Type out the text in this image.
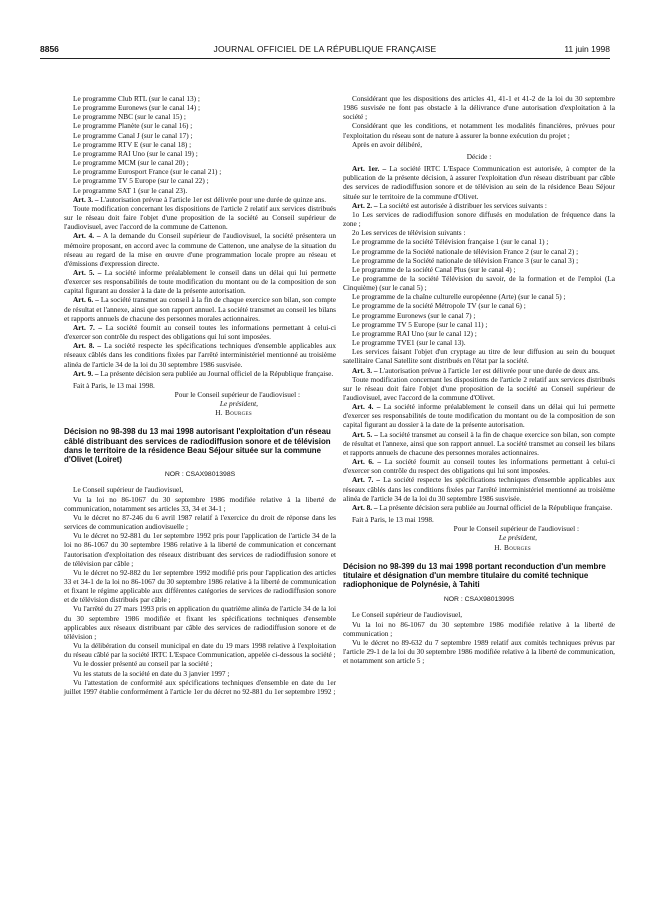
8856	JOURNAL OFFICIEL DE LA RÉPUBLIQUE FRANÇAISE	11 juin 1998

Le programme Club RTL (sur le canal 13) ;

Le programme Euronews (sur le canal 14) ;

Le programme NBC (sur le canal 15) ;

Le programme Planète (sur le canal 16) ;

Le programme Canal J (sur le canal 17) ;

Le programme RTV E (sur le canal 18) ;

Le programme RAI Uno (sur le canal 19) ;

Le programme MCM (sur le canal 20) ;

Le programme Eurosport France (sur le canal 21) ;

Le programme TV 5 Europe (sur le canal 22) ;

Le programme SAT 1 (sur le canal 23).

Art. 3. – L'autorisation prévue à l'article 1er est délivrée pour une durée de quinze ans.

Toute modification concernant les dispositions de l'article 2 relatif aux services distribués sur le réseau doit faire l'objet d'une proposition de la société au Conseil supérieur de l'audiovisuel, avec l'accord de la commune de Cattenon.

Art. 4. – A la demande du Conseil supérieur de l'audiovisuel, la société présentera un mémoire proposant, en accord avec la commune de Cattenon, une analyse de la situation du réseau au regard de la mise en œuvre d'une programmation locale propre au réseau et d'émissions d'expression directe.

Art. 5. – La société informe préalablement le conseil dans un délai qui lui permette d'exercer ses responsabilités de toute modification du montant ou de la composition de son capital figurant au dossier à la date de la présente autorisation.

Art. 6. – La société transmet au conseil à la fin de chaque exercice son bilan, son compte de résultat et l'annexe, ainsi que son rapport annuel. La société transmet au conseil les bilans et rapports annuels de chacune des personnes morales actionnaires.

Art. 7. – La société fournit au conseil toutes les informations permettant à celui-ci d'exercer son contrôle du respect des obligations qui lui sont imposées.

Art. 8. – La société respecte les spécifications techniques d'ensemble applicables aux réseaux câblés dans les conditions fixées par l'arrêté interministériel mentionné au troisième alinéa de l'article 34 de la loi du 30 septembre 1986 susvisée.

Art. 9. – La présente décision sera publiée au Journal officiel de la République française.

Fait à Paris, le 13 mai 1998.

Pour le Conseil supérieur de l'audiovisuel :

Le président,

H. Bourges

Décision no 98-398 du 13 mai 1998 autorisant l'exploitation d'un réseau câblé distribuant des services de radiodiffusion sonore et de télévision dans le territoire de la résidence Beau Séjour située sur la commune d'Olivet (Loiret)

NOR : CSAX9801398S

Le Conseil supérieur de l'audiovisuel,

Vu la loi no 86-1067 du 30 septembre 1986 modifiée relative à la liberté de communication, notamment ses articles 33, 34 et 34-1 ;

Vu le décret no 87-246 du 6 avril 1987 relatif à l'exercice du droit de réponse dans les services de communication audiovisuelle ;

Vu le décret no 92-881 du 1er septembre 1992 pris pour l'application de l'article 34 de la loi no 86-1067 du 30 septembre 1986 relative à la liberté de communication et concernant l'autorisation d'exploitation des réseaux distribuant des services de radiodiffusion sonore et de télévision par câble ;

Vu le décret no 92-882 du 1er septembre 1992 modifié pris pour l'application des articles 33 et 34-1 de la loi no 86-1067 du 30 septembre 1986 relative à la liberté de communication et fixant le régime applicable aux différentes catégories de services de radiodiffusion sonore et de télévision distribués par câble ;

Vu l'arrêté du 27 mars 1993 pris en application du quatrième alinéa de l'article 34 de la loi du 30 septembre 1986 modifiée et fixant les spécifications techniques d'ensemble applicables aux réseaux distribuant par câble des services de radiodiffusion sonore et de télévision ;

Vu la délibération du conseil municipal en date du 19 mars 1998 relative à l'exploitation du réseau câblé par la société IRTC L'Espace Communication, appelée ci-dessous la société ;

Vu le dossier présenté au conseil par la société ;

Vu les statuts de la société en date du 3 janvier 1997 ;

Vu l'attestation de conformité aux spécifications techniques d'ensemble en date du 1er juillet 1997 établie conformément à l'article 1er du décret no 92-881 du 1er septembre 1992 ;

Considérant que les dispositions des articles 41, 41-1 et 41-2 de la loi du 30 septembre 1986 susvisée ne font pas obstacle à la délivrance d'une autorisation d'exploitation à la société ;

Considérant que les conditions, et notamment les modalités financières, prévues pour l'exploitation du réseau sont de nature à assurer la bonne exécution du projet ;

Après en avoir délibéré,

Décide :

Art. 1er. – La société IRTC L'Espace Communication est autorisée, à compter de la publication de la présente décision, à assurer l'exploitation d'un réseau distribuant par câble des services de radiodiffusion sonore et de télévision au sein de la résidence Beau Séjour située sur le territoire de la commune d'Olivet.

Art. 2. – La société est autorisée à distribuer les services suivants :

1o Les services de radiodiffusion sonore diffusés en modulation de fréquence dans la zone ;

2o Les services de télévision suivants :

Le programme de la société Télévision française 1 (sur le canal 1) ;

Le programme de la Société nationale de télévision France 2 (sur le canal 2) ;

Le programme de la Société nationale de télévision France 3 (sur le canal 3) ;

Le programme de la société Canal Plus (sur le canal 4) ;

Le programme de la société Télévision du savoir, de la formation et de l'emploi (La Cinquième) (sur le canal 5) ;

Le programme de la chaîne culturelle européenne (Arte) (sur le canal 5) ;

Le programme de la société Métropole TV (sur le canal 6) ;

Le programme Euronews (sur le canal 7) ;

Le programme TV 5 Europe (sur le canal 11) ;

Le programme RAI Uno (sur le canal 12) ;

Le programme TVE1 (sur le canal 13).

Les services faisant l'objet d'un cryptage au titre de leur diffusion au sein du bouquet satellitaire Canal Satellite sont distribués en l'état par la société.

Art. 3. – L'autorisation prévue à l'article 1er est délivrée pour une durée de deux ans.

Toute modification concernant les dispositions de l'article 2 relatif aux services distribués sur le réseau doit faire l'objet d'une proposition de la société au Conseil supérieur de l'audiovisuel, avec l'accord de la commune d'Olivet.

Art. 4. – La société informe préalablement le conseil dans un délai qui lui permette d'exercer ses responsabilités de toute modification du montant ou de la composition de son capital figurant au dossier à la date de la présente autorisation.

Art. 5. – La société transmet au conseil à la fin de chaque exercice son bilan, son compte de résultat et l'annexe, ainsi que son rapport annuel. La société transmet au conseil les bilans et rapports annuels de chacune des personnes morales actionnaires.

Art. 6. – La société fournit au conseil toutes les informations permettant à celui-ci d'exercer son contrôle du respect des obligations qui lui sont imposées.

Art. 7. – La société respecte les spécifications techniques d'ensemble applicables aux réseaux câblés dans les conditions fixées par l'arrêté interministériel mentionné au troisième alinéa de l'article 34 de la loi du 30 septembre 1986 susvisée.

Art. 8. – La présente décision sera publiée au Journal officiel de la République française.

Fait à Paris, le 13 mai 1998.

Pour le Conseil supérieur de l'audiovisuel :

Le président,

H. Bourges

Décision no 98-399 du 13 mai 1998 portant reconduction d'un membre titulaire et désignation d'un membre titulaire du comité technique radiophonique de Polynésie, à Tahiti

NOR : CSAX9801399S

Le Conseil supérieur de l'audiovisuel,

Vu la loi no 86-1067 du 30 septembre 1986 modifiée relative à la liberté de communication ;

Vu le décret no 89-632 du 7 septembre 1989 relatif aux comités techniques prévus par l'article 29-1 de la loi du 30 septembre 1986 modifiée relative à la liberté de communication, et notamment son article 5 ;
